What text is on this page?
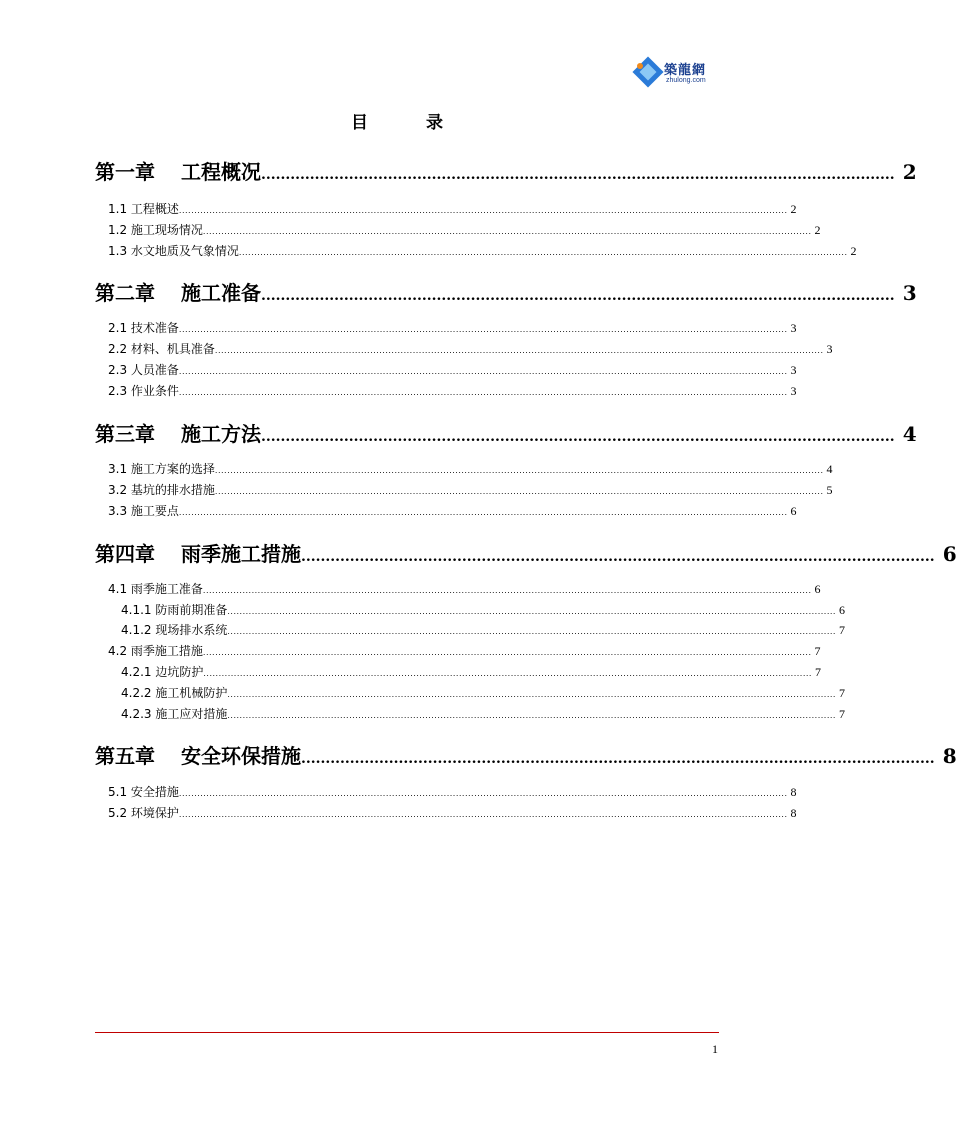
築龍網
zhulong.com
目 录
第一章 工程概况 .................................................................................................................................. 2
1.1 工程概述 ........................................................................................................................................................................................................ 2
1.2 施工现场情况 ........................................................................................................................................................................................................ 2
1.3 水文地质及气象情况 ........................................................................................................................................................................................................ 2
第二章 施工准备 .................................................................................................................................. 3
2.1 技术准备 ........................................................................................................................................................................................................ 3
2.2 材料、机具准备 ........................................................................................................................................................................................................ 3
2.3 人员准备 ........................................................................................................................................................................................................ 3
2.3 作业条件 ........................................................................................................................................................................................................ 3
第三章 施工方法 .................................................................................................................................. 4
3.1 施工方案的选择 ........................................................................................................................................................................................................ 4
3.2 基坑的排水措施 ........................................................................................................................................................................................................ 5
3.3 施工要点 ........................................................................................................................................................................................................ 6
第四章 雨季施工措施 .................................................................................................................................. 6
4.1 雨季施工准备 ........................................................................................................................................................................................................ 6
4.1.1 防雨前期准备 ........................................................................................................................................................................................................ 6
4.1.2 现场排水系统 ........................................................................................................................................................................................................ 7
4.2 雨季施工措施 ........................................................................................................................................................................................................ 7
4.2.1 边坑防护 ........................................................................................................................................................................................................ 7
4.2.2 施工机械防护 ........................................................................................................................................................................................................ 7
4.2.3 施工应对措施 ........................................................................................................................................................................................................ 7
第五章 安全环保措施 .................................................................................................................................. 8
5.1 安全措施 ........................................................................................................................................................................................................ 8
5.2 环境保护 ........................................................................................................................................................................................................ 8
1
